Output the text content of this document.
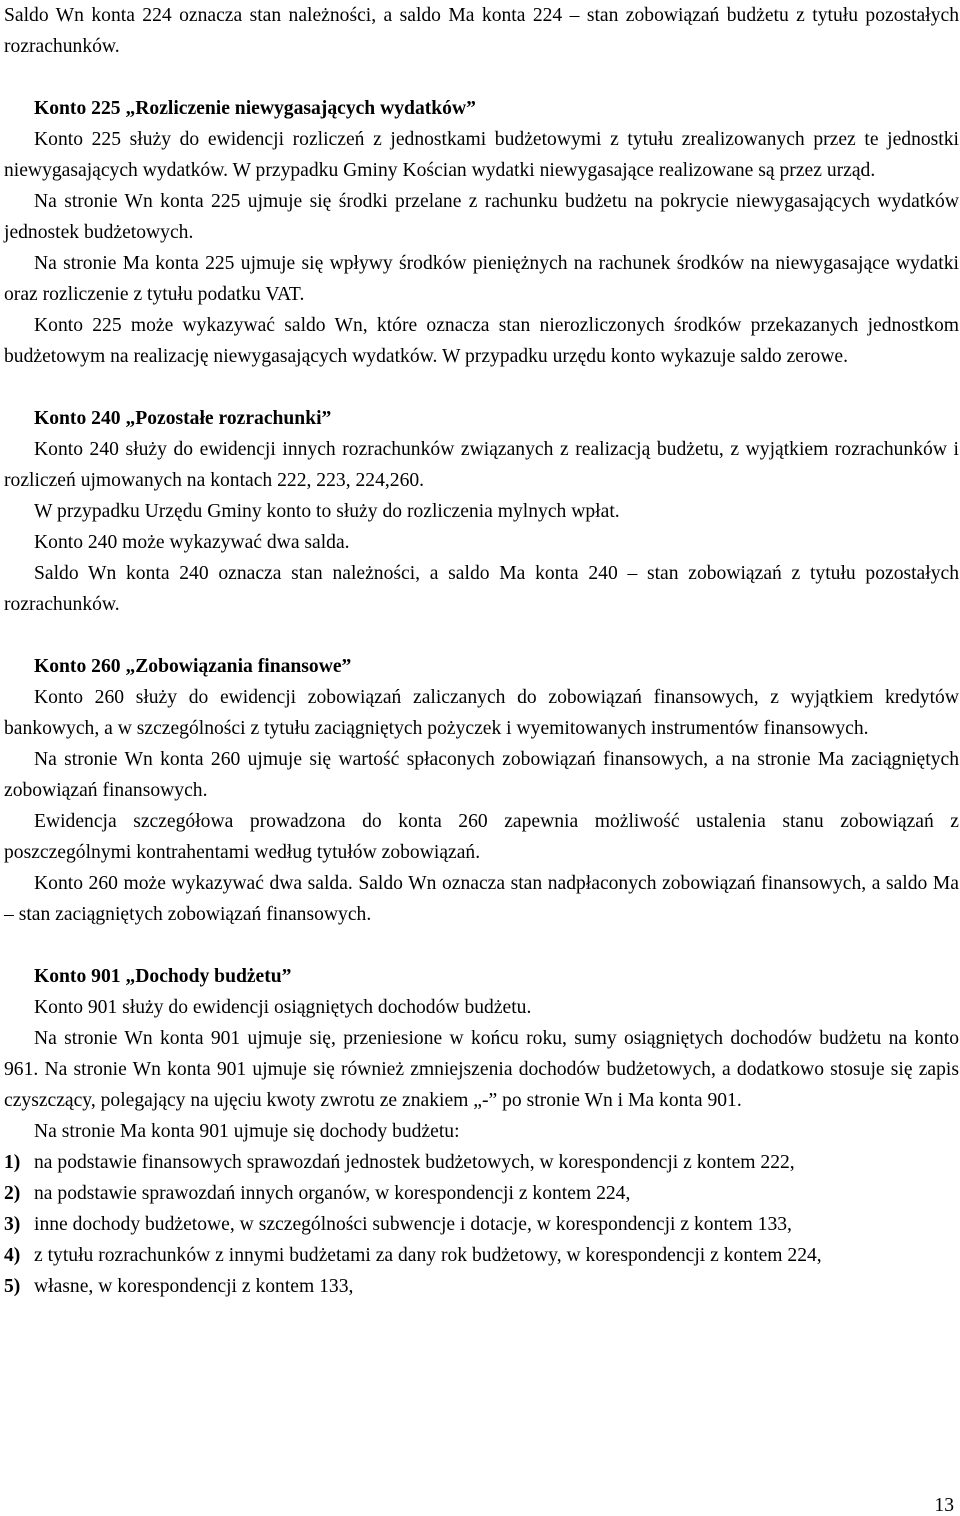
Saldo Wn konta 224 oznacza stan należności, a saldo Ma konta 224 – stan zobowiązań budżetu z tytułu pozostałych rozrachunków.

Konto 225 „Rozliczenie niewygasających wydatków”

Konto 225 służy do ewidencji rozliczeń z jednostkami budżetowymi z tytułu zrealizowanych przez te jednostki niewygasających wydatków. W przypadku Gminy Kościan wydatki niewygasające realizowane są przez urząd.

Na stronie Wn konta 225 ujmuje się środki przelane z rachunku budżetu na pokrycie niewygasających wydatków jednostek budżetowych.

Na stronie Ma konta 225 ujmuje się wpływy środków pieniężnych na rachunek środków na niewygasające wydatki oraz rozliczenie z tytułu podatku VAT.

Konto 225 może wykazywać saldo Wn, które oznacza stan nierozliczonych środków przekazanych jednostkom budżetowym na realizację niewygasających wydatków. W przypadku urzędu konto wykazuje saldo zerowe.

Konto 240 „Pozostałe rozrachunki”

Konto 240 służy do ewidencji innych rozrachunków związanych z realizacją budżetu, z wyjątkiem rozrachunków i rozliczeń ujmowanych na kontach 222, 223, 224,260.

W przypadku Urzędu Gminy konto to służy do rozliczenia mylnych wpłat.

Konto 240 może wykazywać dwa salda.

Saldo Wn konta 240 oznacza stan należności, a saldo Ma konta 240 – stan zobowiązań z tytułu pozostałych rozrachunków.

Konto 260 „Zobowiązania finansowe”

Konto 260 służy do ewidencji zobowiązań zaliczanych do zobowiązań finansowych, z wyjątkiem kredytów bankowych, a w szczególności z tytułu zaciągniętych pożyczek i wyemitowanych instrumentów finansowych.

Na stronie Wn konta 260 ujmuje się wartość spłaconych zobowiązań finansowych, a na stronie Ma zaciągniętych zobowiązań finansowych.

Ewidencja szczegółowa prowadzona do konta 260 zapewnia możliwość ustalenia stanu zobowiązań z poszczególnymi kontrahentami według tytułów zobowiązań.

Konto 260 może wykazywać dwa salda. Saldo Wn oznacza stan nadpłaconych zobowiązań finansowych, a saldo Ma – stan zaciągniętych zobowiązań finansowych.

Konto 901 „Dochody budżetu”

Konto 901 służy do ewidencji osiągniętych dochodów budżetu.

Na stronie Wn konta 901 ujmuje się, przeniesione w końcu roku, sumy osiągniętych dochodów budżetu na konto 961. Na stronie Wn konta 901 ujmuje się również zmniejszenia dochodów budżetowych, a dodatkowo stosuje się zapis czyszczący, polegający na ujęciu kwoty zwrotu ze znakiem „-” po stronie Wn i Ma konta 901.

Na stronie Ma konta 901 ujmuje się dochody budżetu:

1) na podstawie finansowych sprawozdań jednostek budżetowych, w korespondencji z kontem 222,
2) na podstawie sprawozdań innych organów, w korespondencji z kontem 224,
3) inne dochody budżetowe, w szczególności subwencje i dotacje, w korespondencji z kontem 133,
4) z tytułu rozrachunków z innymi budżetami za dany rok budżetowy, w korespondencji z kontem 224,
5) własne, w korespondencji z kontem 133,
13
